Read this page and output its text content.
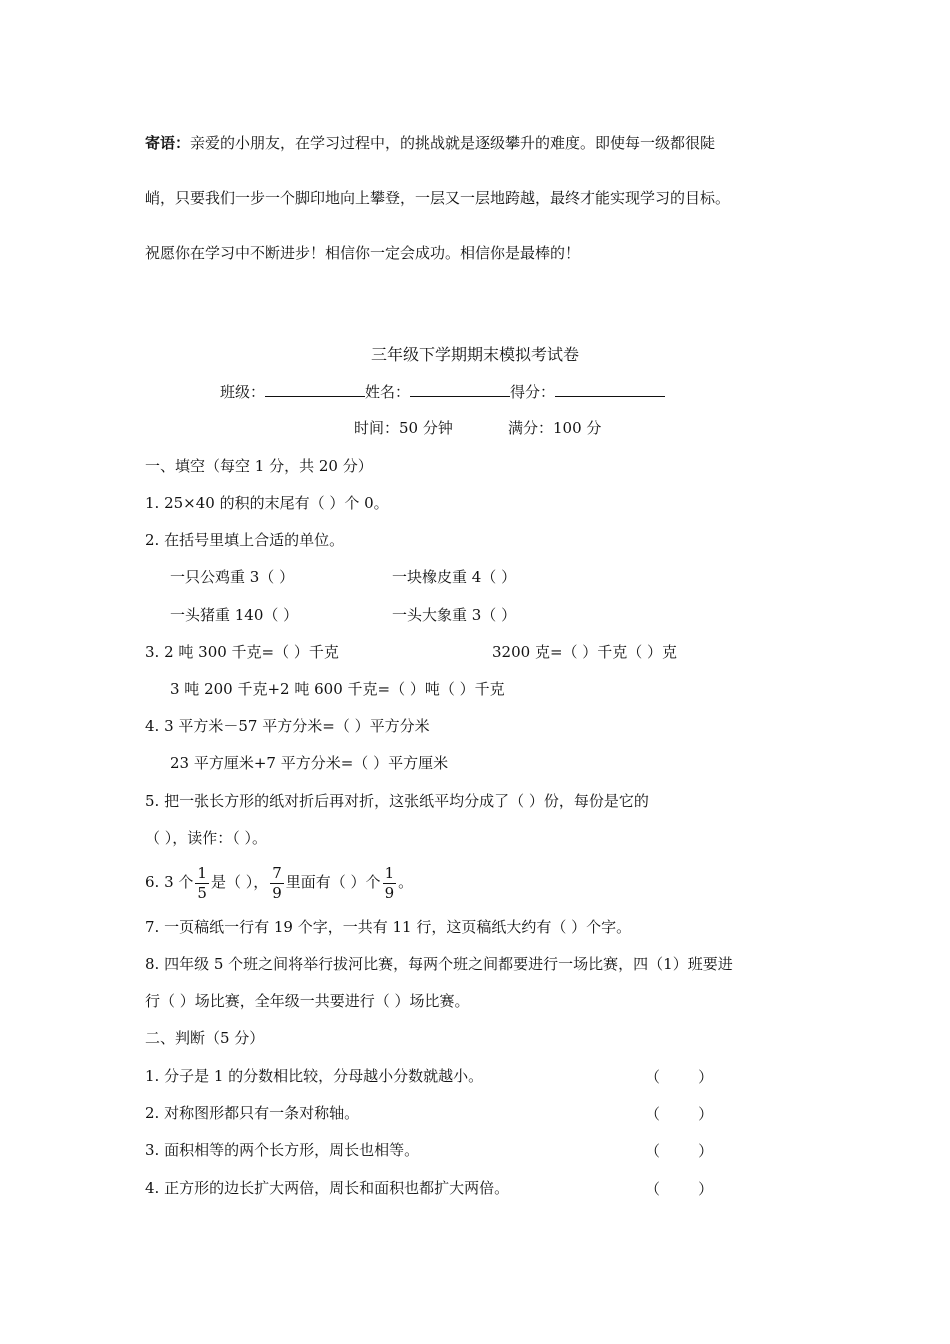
寄语：亲爱的小朋友，在学习过程中，的挑战就是逐级攀升的难度。即使每一级都很陡
峭，只要我们一步一个脚印地向上攀登，一层又一层地跨越，最终才能实现学习的目标。
祝愿你在学习中不断进步！相信你一定会成功。相信你是最棒的！
三年级下学期期末模拟考试卷
班级：	姓名：	得分：
时间：50 分钟	满分：100 分
一、填空（每空 1 分，共 20 分）
1. 25×40 的积的末尾有（ ）个 0。
2. 在括号里填上合适的单位。
一只公鸡重 3（ ）	一块橡皮重 4（ ）
一头猪重 140（ ）	一头大象重 3（ ）
3. 2 吨 300 千克=（ ）千克	3200 克=（ ）千克（ ）克
3 吨 200 千克+2 吨 600 千克=（ ）吨（ ）千克
4. 3 平方米－57 平方分米=（ ）平方分米
23 平方厘米+7 平方分米=（ ）平方厘米
5. 把一张长方形的纸对折后再对折，这张纸平均分成了（ ）份，每份是它的
（ ），读作：（ ）。
6. 3 个 $\frac{1}{5}$ 是（ ）， $\frac{7}{9}$ 里面有（ ）个 $\frac{1}{9}$ 。
7. 一页稿纸一行有 19 个字，一共有 11 行，这页稿纸大约有（ ）个字。
8. 四年级 5 个班之间将举行拔河比赛，每两个班之间都要进行一场比赛，四（1）班要进
行（ ）场比赛，全年级一共要进行（ ）场比赛。
二、判断（5 分）
1. 分子是 1 的分数相比较，分母越小分数就越小。	（        ）
2. 对称图形都只有一条对称轴。	（        ）
3. 面积相等的两个长方形，周长也相等。	（        ）
4. 正方形的边长扩大两倍，周长和面积也都扩大两倍。	（        ）
